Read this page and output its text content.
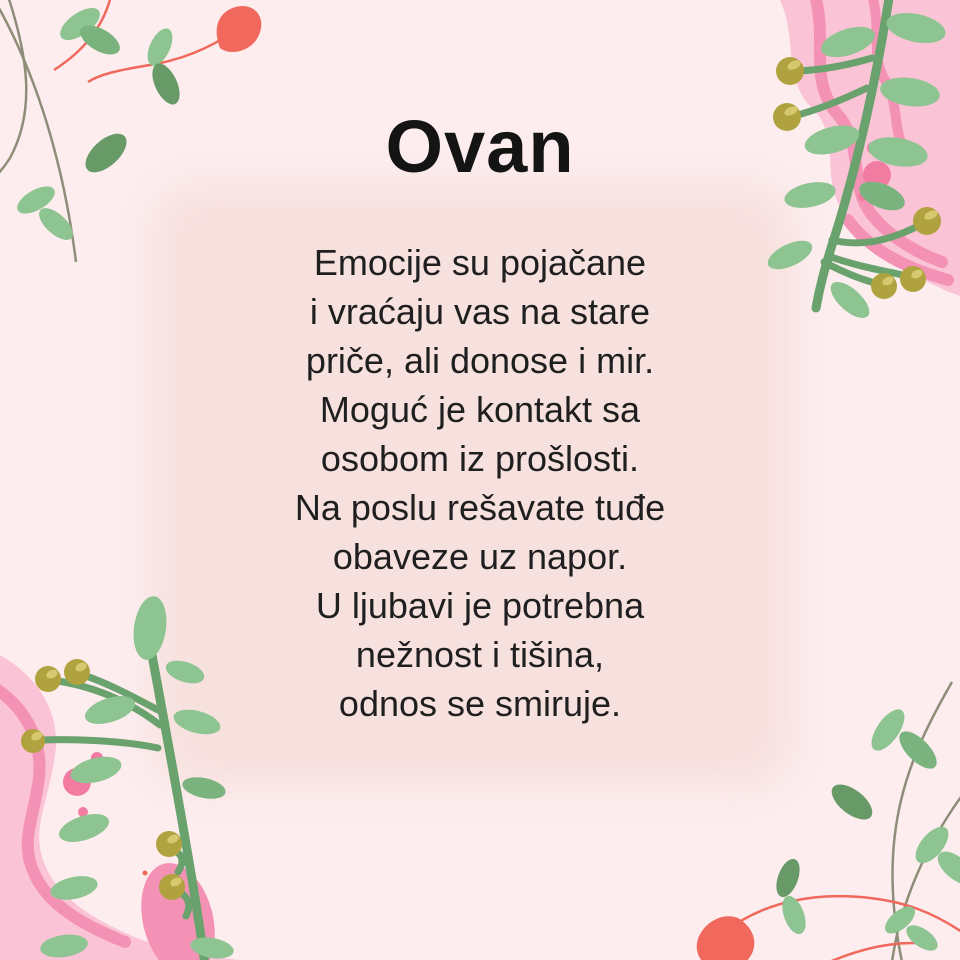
Ovan
Emocije su pojačane
i vraćaju vas na stare
priče, ali donose i mir.
Moguć je kontakt sa
osobom iz prošlosti.
Na poslu rešavate tuđe
obaveze uz napor.
U ljubavi je potrebna
nežnost i tišina,
odnos se smiruje.
